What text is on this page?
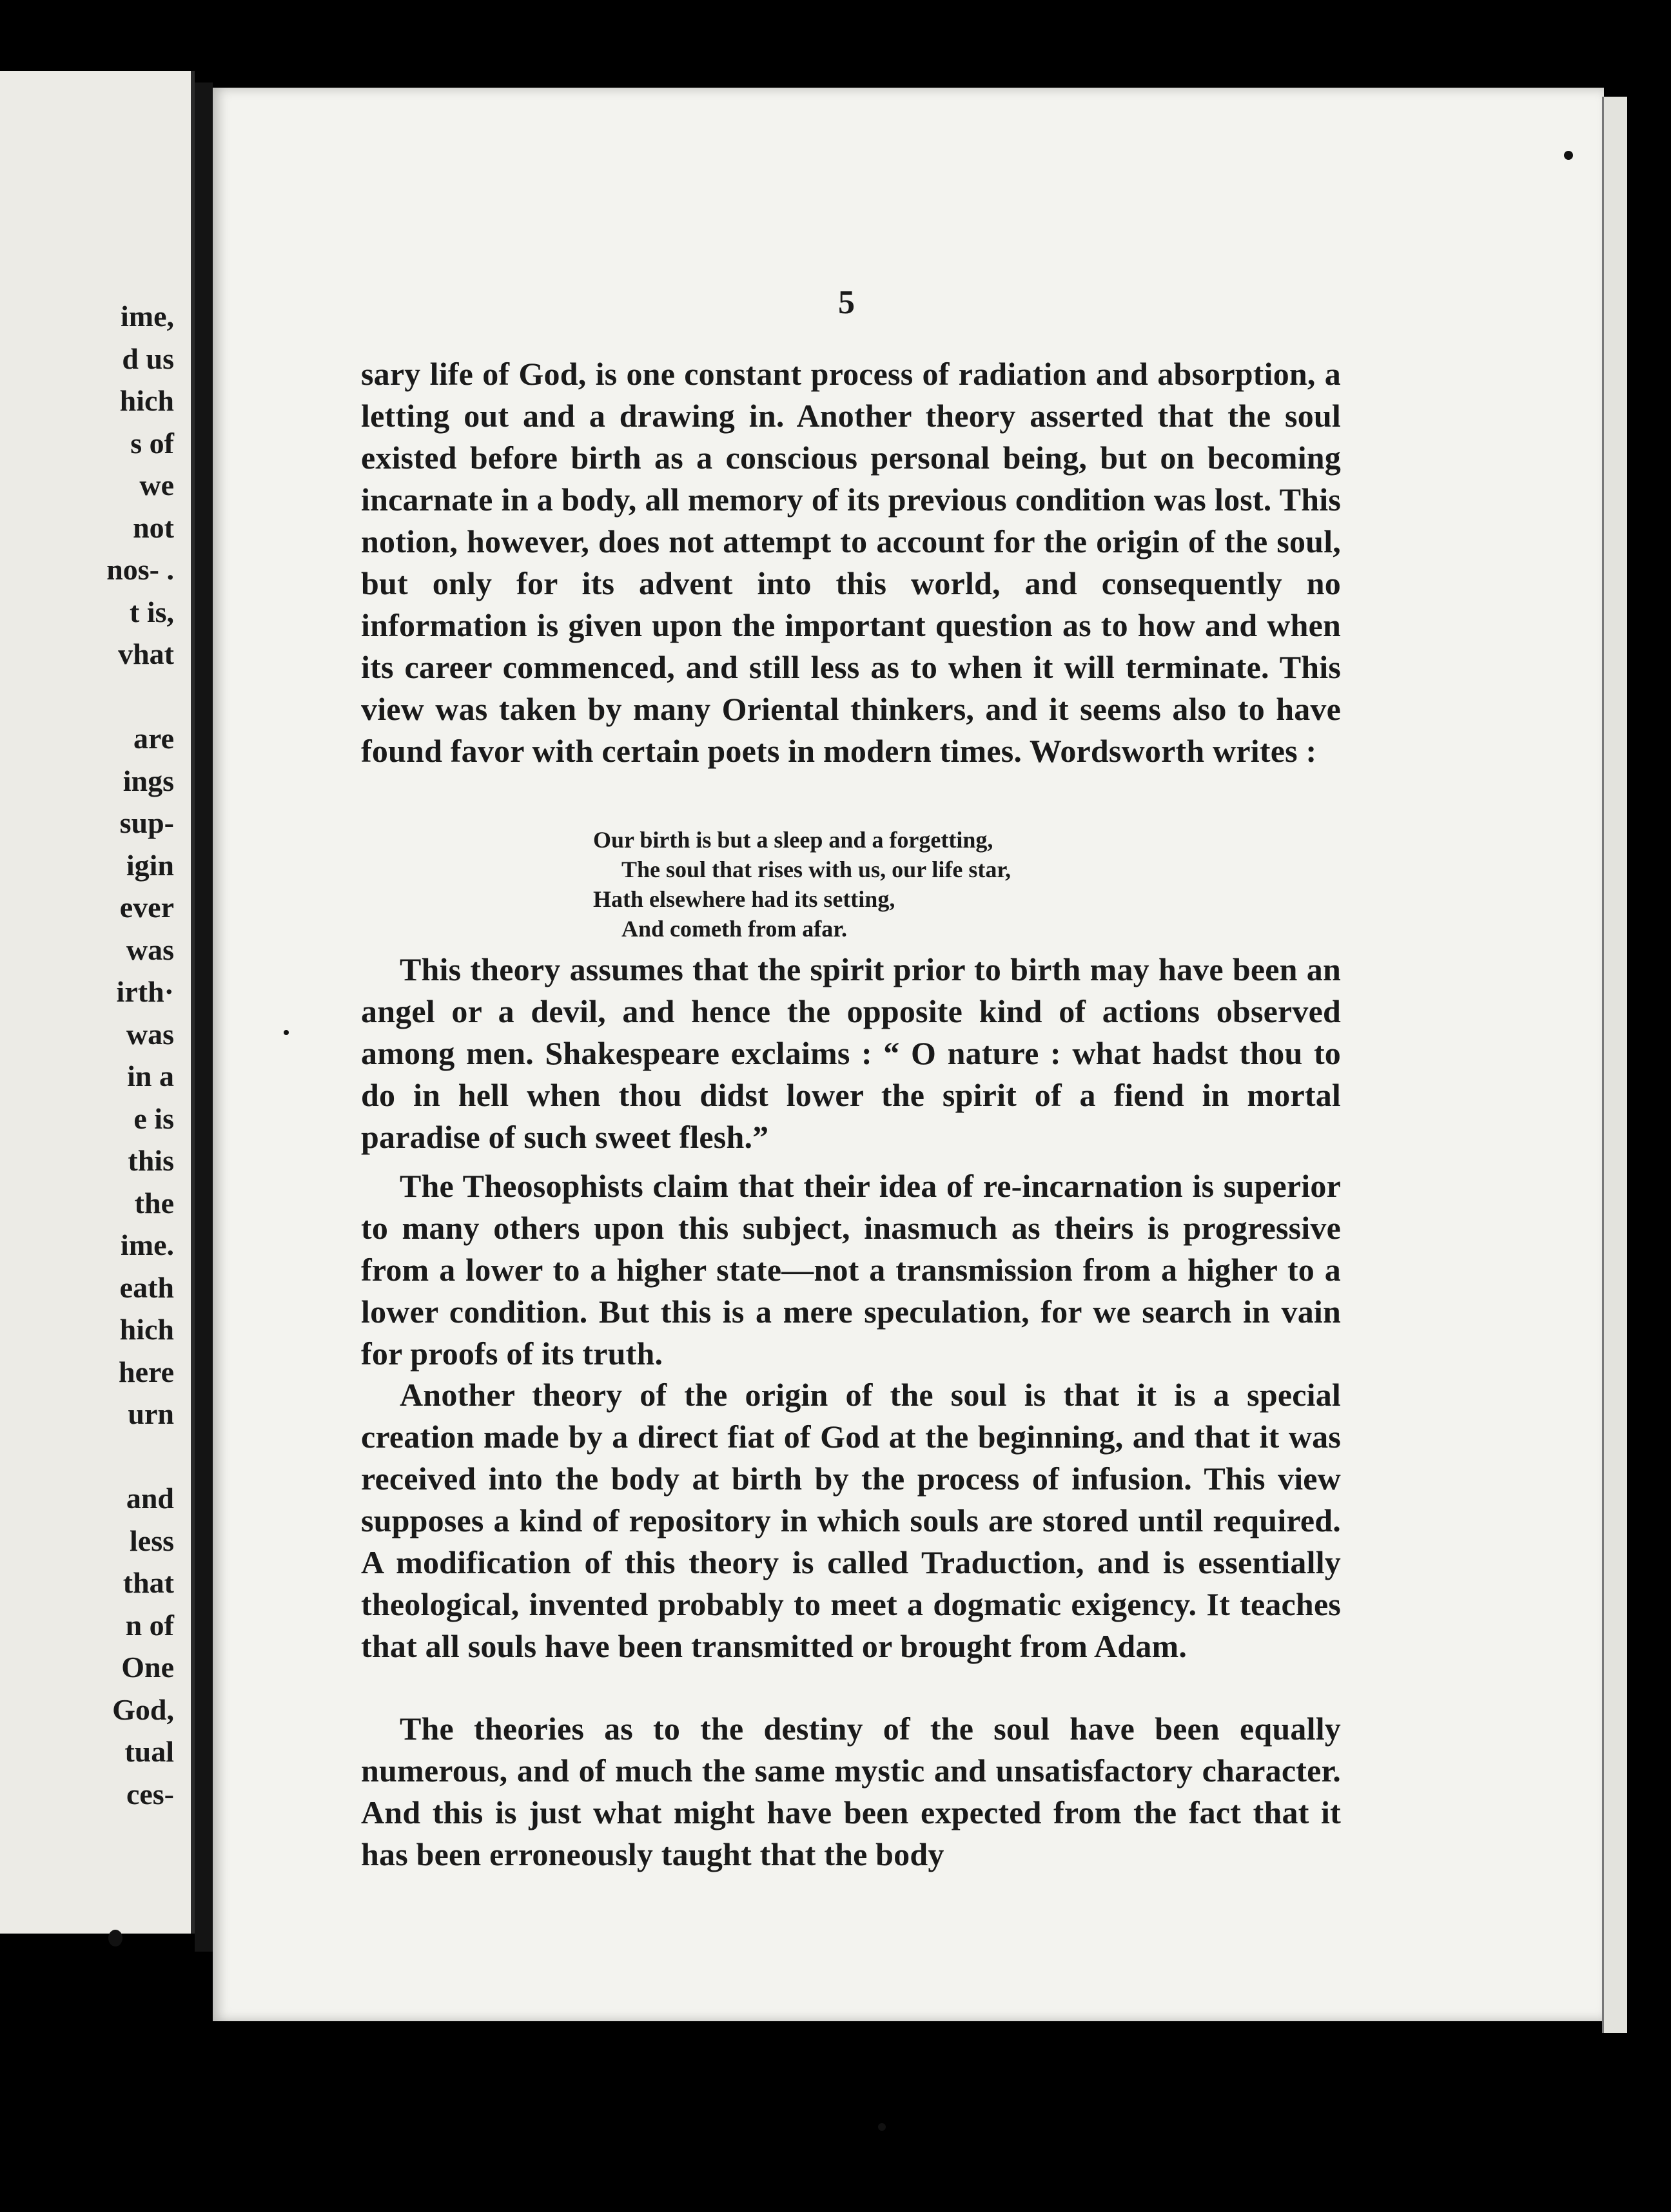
ime,
d us
hich
s of
we
not
nos- .
t is,
vhat
are
ings
sup-
igin
ever
was
irth·
was
in a
e is
this
the
ime.
eath
hich
here
urn
and
less
that
n of
One
God,
tual
ces-
5

sary life of God, is one constant process of radiation and absorption, a letting out and a drawing in. Another theory asserted that the soul existed before birth as a conscious personal being, but on becoming incarnate in a body, all memory of its previous condition was lost. This notion, however, does not attempt to account for the origin of the soul, but only for its advent into this world, and consequently no information is given upon the important question as to how and when its career commenced, and still less as to when it will terminate. This view was taken by many Oriental thinkers, and it seems also to have found favor with certain poets in modern times. Wordsworth writes :

Our birth is but a sleep and a forgetting,
The soul that rises with us, our life star,
Hath elsewhere had its setting,
And cometh from afar.

This theory assumes that the spirit prior to birth may have been an angel or a devil, and hence the opposite kind of actions observed among men. Shakespeare exclaims : “ O nature : what hadst thou to do in hell when thou didst lower the spirit of a fiend in mortal paradise of such sweet flesh.”

The Theosophists claim that their idea of re-incarnation is superior to many others upon this subject, inasmuch as theirs is progressive from a lower to a higher state—not a transmission from a higher to a lower condition. But this is a mere speculation, for we search in vain for proofs of its truth.

Another theory of the origin of the soul is that it is a special creation made by a direct fiat of God at the beginning, and that it was received into the body at birth by the process of infusion. This view supposes a kind of repository in which souls are stored until required. A modification of this theory is called Traduction, and is essentially theological, invented probably to meet a dogmatic exigency. It teaches that all souls have been transmitted or brought from Adam.

The theories as to the destiny of the soul have been equally numerous, and of much the same mystic and unsatisfactory character. And this is just what might have been expected from the fact that it has been erroneously taught that the body
